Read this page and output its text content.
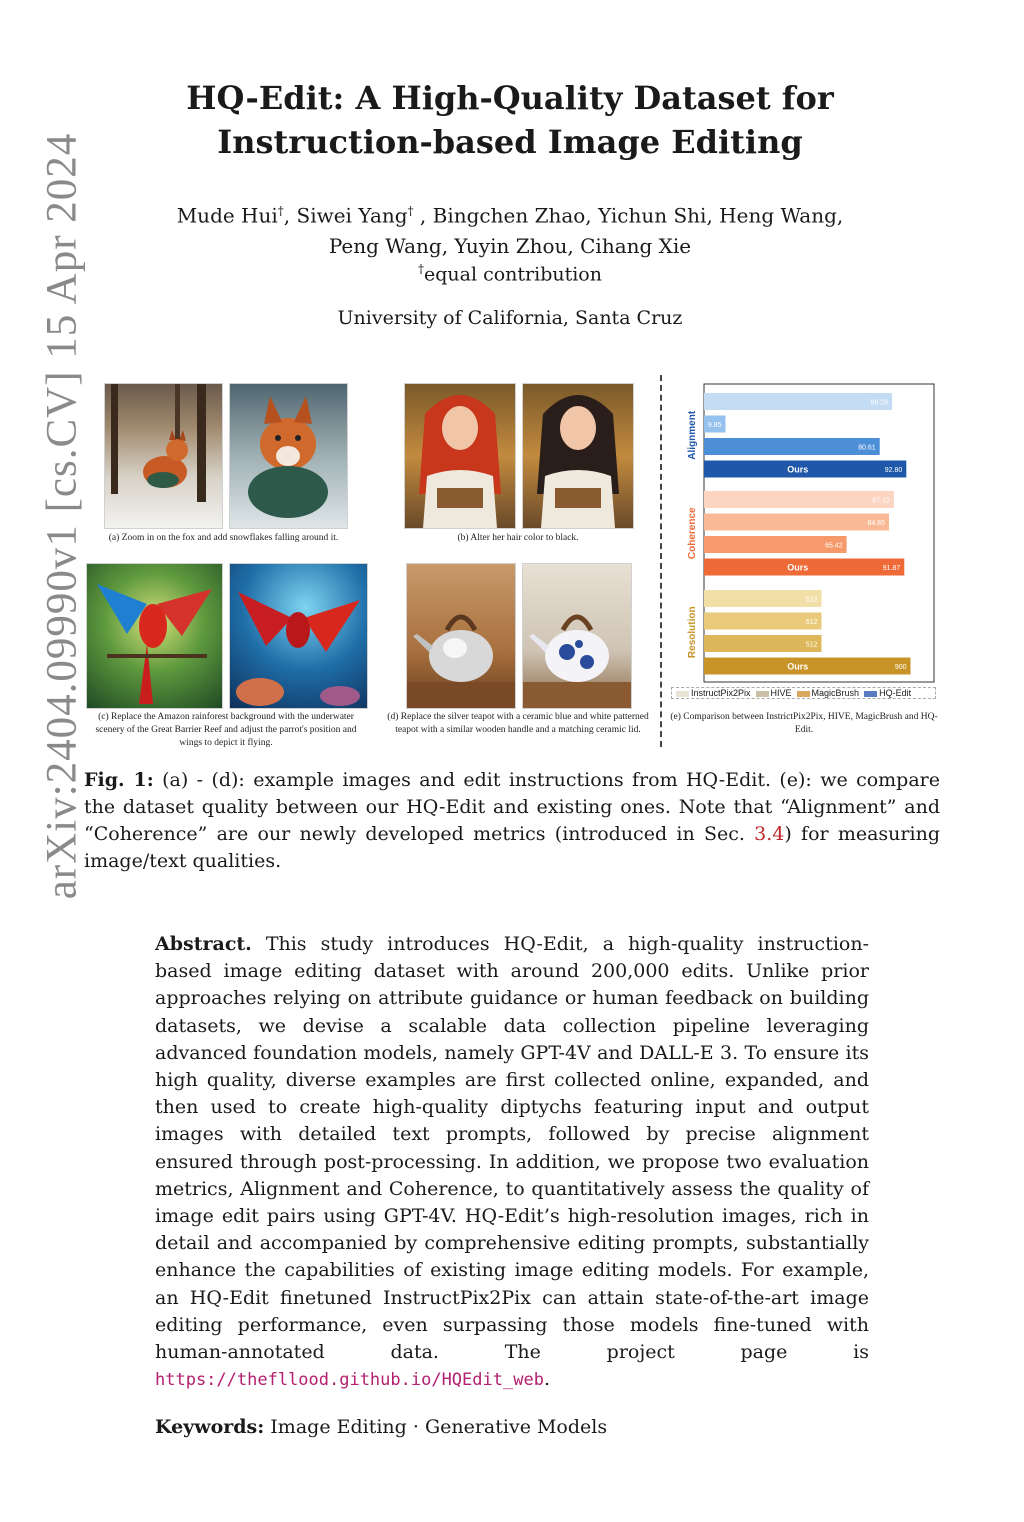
arXiv:2404.09990v1 [cs.CV] 15 Apr 2024
HQ-Edit: A High-Quality Dataset for
Instruction-based Image Editing
Mude Hui†, Siwei Yang† , Bingchen Zhao, Yichun Shi, Heng Wang,
Peng Wang, Yuyin Zhou, Cihang Xie
†equal contribution
University of California, Santa Cruz
(a) Zoom in on the fox and add snowflakes falling around it.	(b) Alter her hair color to black.
(c) Replace the Amazon rainforest background with the underwater scenery of the Great Barrier Reef and adjust the parrot's position and wings to depict it flying.
(d) Replace the silver teapot with a ceramic blue and white patterned teapot with a similar wooden handle and a matching ceramic lid.
Alignment
86.28
9.85
80.61
92.80
Ours
Coherence
87.12
84.85
65.42
91.87
Ours
Resolution
512
512
512
900
Ours
InstructPix2Pix	HIVE	MagicBrush	HQ-Edit
(e) Comparison between InstrictPix2Pix, HIVE, MagicBrush and HQ-Edit.
Fig. 1: (a) - (d): example images and edit instructions from HQ-Edit. (e): we compare the dataset quality between our HQ-Edit and existing ones. Note that “Alignment” and “Coherence” are our newly developed metrics (introduced in Sec. 3.4) for measuring image/text qualities.
Abstract. This study introduces HQ-Edit, a high-quality instruction-based image editing dataset with around 200,000 edits. Unlike prior approaches relying on attribute guidance or human feedback on building datasets, we devise a scalable data collection pipeline leveraging advanced foundation models, namely GPT-4V and DALL-E 3. To ensure its high quality, diverse examples are first collected online, expanded, and then used to create high-quality diptychs featuring input and output images with detailed text prompts, followed by precise alignment ensured through post-processing. In addition, we propose two evaluation metrics, Alignment and Coherence, to quantitatively assess the quality of image edit pairs using GPT-4V. HQ-Edit’s high-resolution images, rich in detail and accompanied by comprehensive editing prompts, substantially enhance the capabilities of existing image editing models. For example, an HQ-Edit finetuned InstructPix2Pix can attain state-of-the-art image editing performance, even surpassing those models fine-tuned with human-annotated data. The project page is https://thefllood.github.io/HQEdit_web.
Keywords: Image Editing · Generative Models
